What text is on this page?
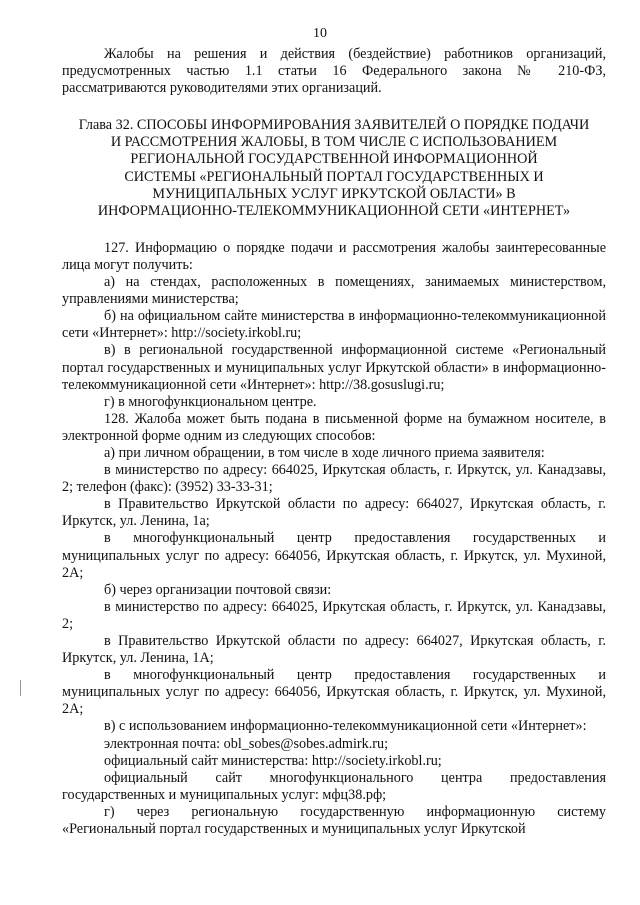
10

Жалобы на решения и действия (бездействие) работников организаций, предусмотренных частью 1.1 статьи 16 Федерального закона № 210-ФЗ, рассматриваются руководителями этих организаций.

Глава 32. СПОСОБЫ ИНФОРМИРОВАНИЯ ЗАЯВИТЕЛЕЙ О ПОРЯДКЕ ПОДАЧИ
И РАССМОТРЕНИЯ ЖАЛОБЫ, В ТОМ ЧИСЛЕ С ИСПОЛЬЗОВАНИЕМ
РЕГИОНАЛЬНОЙ ГОСУДАРСТВЕННОЙ ИНФОРМАЦИОННОЙ
СИСТЕМЫ «РЕГИОНАЛЬНЫЙ ПОРТАЛ ГОСУДАРСТВЕННЫХ И
МУНИЦИПАЛЬНЫХ УСЛУГ ИРКУТСКОЙ ОБЛАСТИ» В
ИНФОРМАЦИОННО-ТЕЛЕКОММУНИКАЦИОННОЙ СЕТИ «ИНТЕРНЕТ»

127. Информацию о порядке подачи и рассмотрения жалобы заинтересованные лица могут получить:

а) на стендах, расположенных в помещениях, занимаемых министерством, управлениями министерства;

б) на официальном сайте министерства в информационно-телекоммуникационной сети «Интернет»: http://society.irkobl.ru;

в) в региональной государственной информационной системе «Региональный портал государственных и муниципальных услуг Иркутской области» в информационно-телекоммуникационной сети «Интернет»: http://38.gosuslugi.ru;

г) в многофункциональном центре.

128. Жалоба может быть подана в письменной форме на бумажном носителе, в электронной форме одним из следующих способов:

а) при личном обращении, в том числе в ходе личного приема заявителя:

в министерство по адресу: 664025, Иркутская область, г. Иркутск, ул. Канадзавы, 2; телефон (факс): (3952) 33-33-31;

в Правительство Иркутской области по адресу: 664027, Иркутская область, г. Иркутск, ул. Ленина, 1а;

в многофункциональный центр предоставления государственных и муниципальных услуг по адресу: 664056, Иркутская область, г. Иркутск, ул. Мухиной, 2А;

б) через организации почтовой связи:

в министерство по адресу: 664025, Иркутская область, г. Иркутск, ул. Канадзавы, 2;

в Правительство Иркутской области по адресу: 664027, Иркутская область, г. Иркутск, ул. Ленина, 1А;

в многофункциональный центр предоставления государственных и муниципальных услуг по адресу: 664056, Иркутская область, г. Иркутск, ул. Мухиной, 2А;

в) с использованием информационно-телекоммуникационной сети «Интернет»:

электронная почта: obl_sobes@sobes.admirk.ru;

официальный сайт министерства: http://society.irkobl.ru;

официальный сайт многофункционального центра предоставления государственных и муниципальных услуг: мфц38.рф;

г) через региональную государственную информационную систему «Региональный портал государственных и муниципальных услуг Иркутской
